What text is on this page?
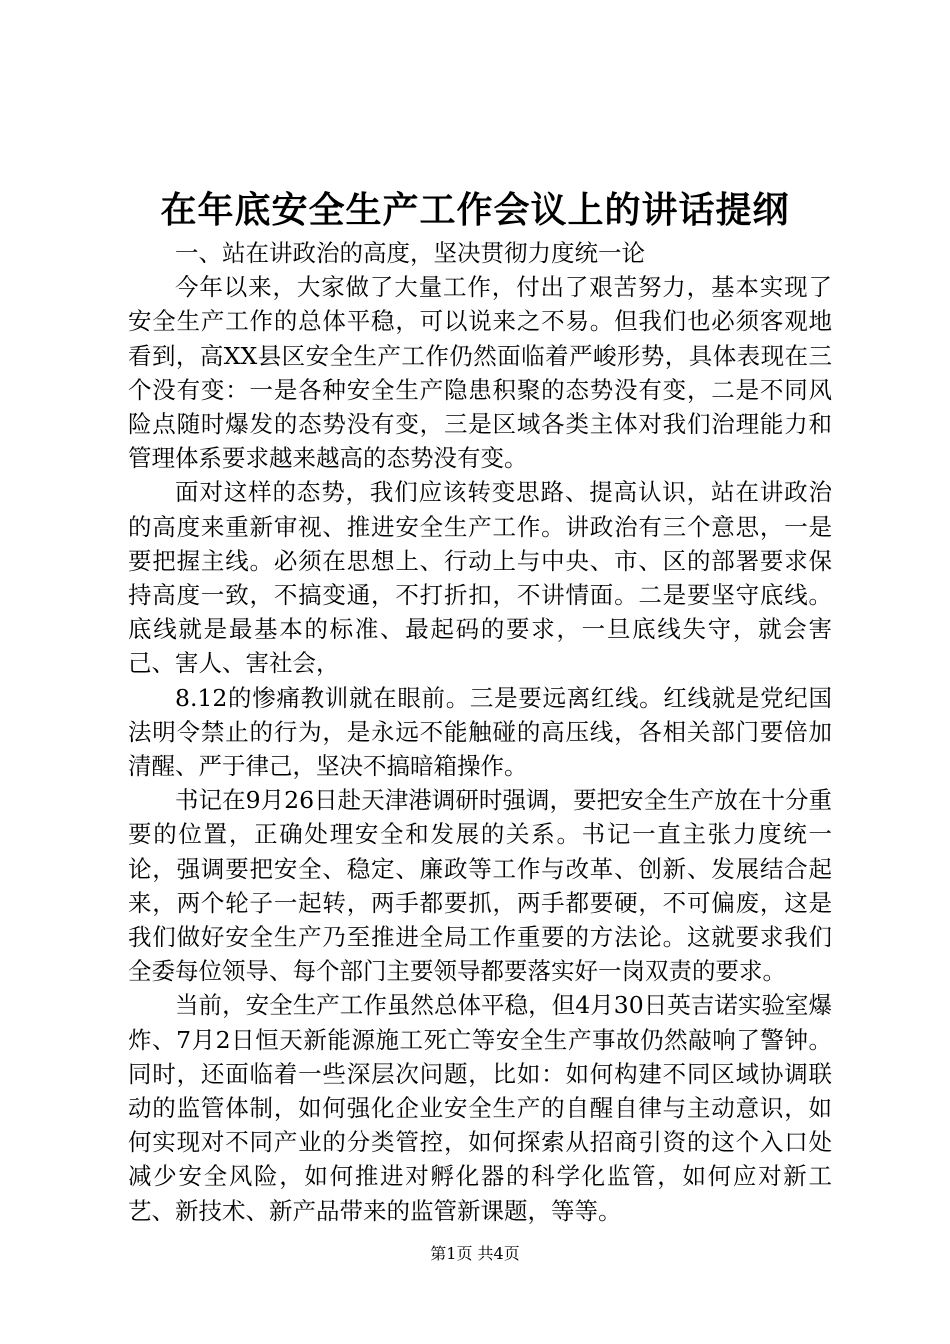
在年底安全生产工作会议上的讲话提纲

一、站在讲政治的高度，坚决贯彻力度统一论

今年以来，大家做了大量工作，付出了艰苦努力，基本实现了安全生产工作的总体平稳，可以说来之不易。但我们也必须客观地看到，高XX县区安全生产工作仍然面临着严峻形势，具体表现在三个没有变：一是各种安全生产隐患积聚的态势没有变，二是不同风险点随时爆发的态势没有变，三是区域各类主体对我们治理能力和管理体系要求越来越高的态势没有变。

面对这样的态势，我们应该转变思路、提高认识，站在讲政治的高度来重新审视、推进安全生产工作。讲政治有三个意思，一是要把握主线。必须在思想上、行动上与中央、市、区的部署要求保持高度一致，不搞变通，不打折扣，不讲情面。二是要坚守底线。底线就是最基本的标准、最起码的要求，一旦底线失守，就会害己、害人、害社会，

8.12的惨痛教训就在眼前。三是要远离红线。红线就是党纪国法明令禁止的行为，是永远不能触碰的高压线，各相关部门要倍加清醒、严于律己，坚决不搞暗箱操作。

书记在9月26日赴天津港调研时强调，要把安全生产放在十分重要的位置，正确处理安全和发展的关系。书记一直主张力度统一论，强调要把安全、稳定、廉政等工作与改革、创新、发展结合起来，两个轮子一起转，两手都要抓，两手都要硬，不可偏废，这是我们做好安全生产乃至推进全局工作重要的方法论。这就要求我们全委每位领导、每个部门主要领导都要落实好一岗双责的要求。

当前，安全生产工作虽然总体平稳，但4月30日英吉诺实验室爆炸、7月2日恒天新能源施工死亡等安全生产事故仍然敲响了警钟。同时，还面临着一些深层次问题，比如：如何构建不同区域协调联动的监管体制，如何强化企业安全生产的自醒自律与主动意识，如何实现对不同产业的分类管控，如何探索从招商引资的这个入口处减少安全风险，如何推进对孵化器的科学化监管，如何应对新工艺、新技术、新产品带来的监管新课题，等等。

第1页 共4页
